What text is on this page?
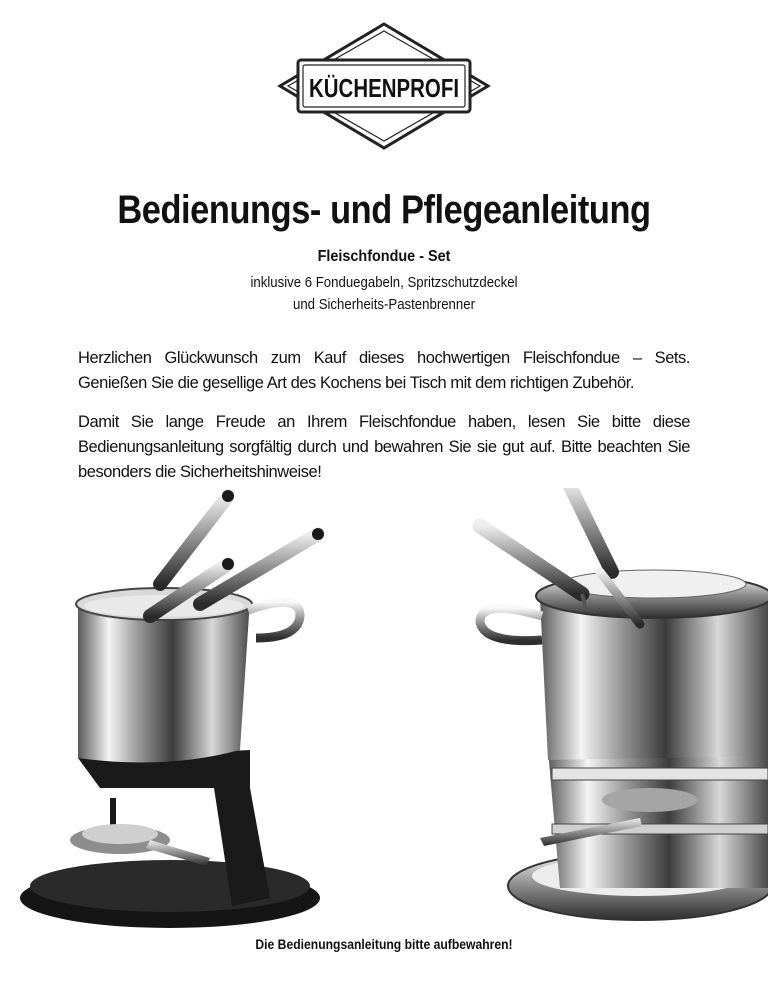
KÜCHENPROFI
Bedienungs- und Pflegeanleitung

Fleischfondue - Set

inklusive 6 Fonduegabeln, Spritzschutzdeckel
und Sicherheits-Pastenbrenner

Herzlichen Glückwunsch zum Kauf dieses hochwertigen Fleischfondue – Sets. Genießen Sie die gesellige Art des Kochens bei Tisch mit dem richtigen Zubehör.

Damit Sie lange Freude an Ihrem Fleischfondue haben, lesen Sie bitte diese Bedienungsanleitung sorgfältig durch und bewahren Sie sie gut auf. Bitte beachten Sie besonders die Sicherheitshinweise!

Die Bedienungsanleitung bitte aufbewahren!
